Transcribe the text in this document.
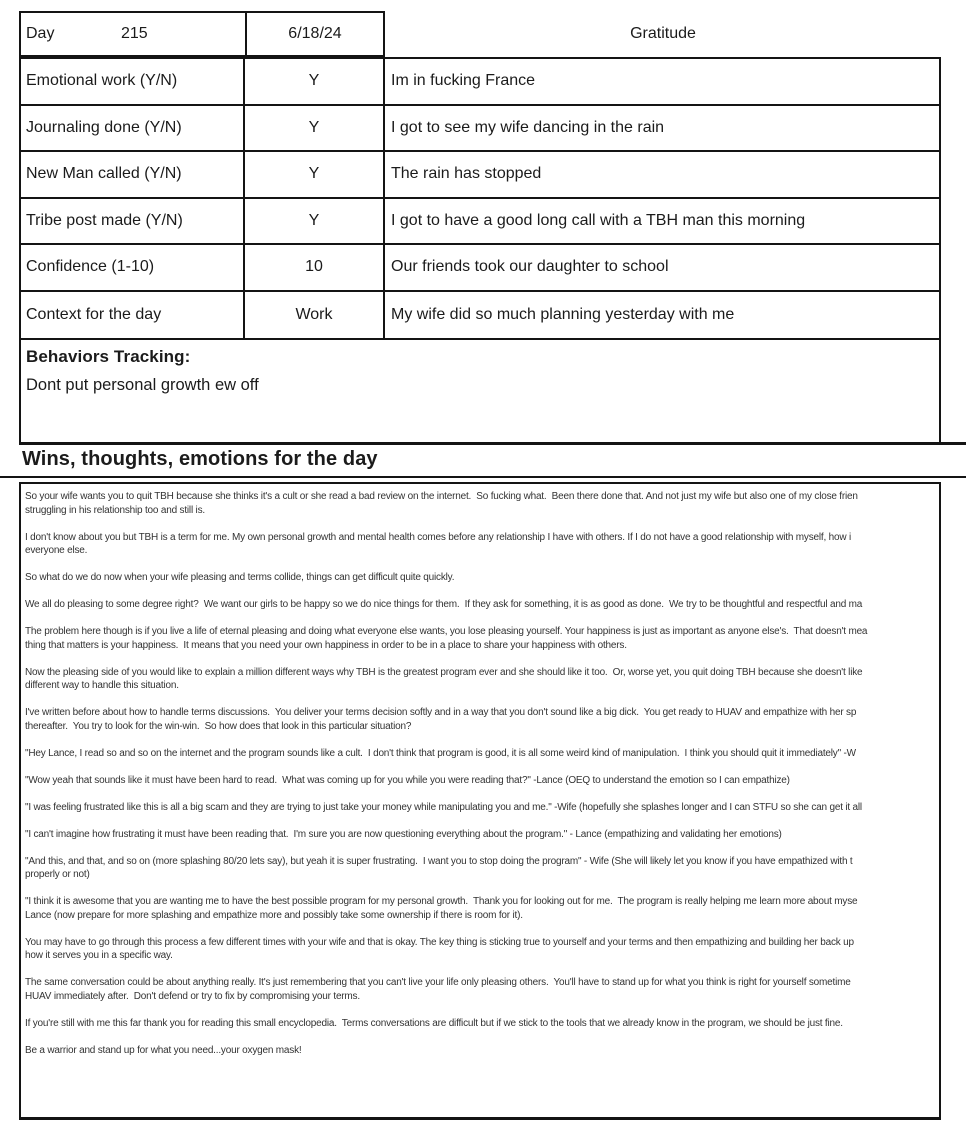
Day	215	6/18/24	Gratitude
Emotional work (Y/N)	Y	Im in fucking France
Journaling done (Y/N)	Y	I got to see my wife dancing in the rain
New Man called (Y/N)	Y	The rain has stopped
Tribe post made (Y/N)	Y	I got to have a good long call with a TBH man this morning
Confidence (1-10)	10	Our friends took our daughter to school
Context for the day	Work	My wife did so much planning yesterday with me
Behaviors Tracking:
Dont put personal growth ew off
Wins, thoughts, emotions for the day
So your wife wants you to quit TBH because she thinks it's a cult or she read a bad review on the internet.  So fucking what.  Been there done that. And not just my wife but also one of my close frien
struggling in his relationship too and still is.
I don't know about you but TBH is a term for me. My own personal growth and mental health comes before any relationship I have with others. If I do not have a good relationship with myself, how i
everyone else.
So what do we do now when your wife pleasing and terms collide, things can get difficult quite quickly.
We all do pleasing to some degree right?  We want our girls to be happy so we do nice things for them.  If they ask for something, it is as good as done.  We try to be thoughtful and respectful and ma
The problem here though is if you live a life of eternal pleasing and doing what everyone else wants, you lose pleasing yourself. Your happiness is just as important as anyone else's.  That doesn't mea
thing that matters is your happiness.  It means that you need your own happiness in order to be in a place to share your happiness with others.
Now the pleasing side of you would like to explain a million different ways why TBH is the greatest program ever and she should like it too.  Or, worse yet, you quit doing TBH because she doesn't like
different way to handle this situation.
I've written before about how to handle terms discussions.  You deliver your terms decision softly and in a way that you don't sound like a big dick.  You get ready to HUAV and empathize with her sp
thereafter.  You try to look for the win-win.  So how does that look in this particular situation?
"Hey Lance, I read so and so on the internet and the program sounds like a cult.  I don't think that program is good, it is all some weird kind of manipulation.  I think you should quit it immediately" -W
"Wow yeah that sounds like it must have been hard to read.  What was coming up for you while you were reading that?" -Lance (OEQ to understand the emotion so I can empathize)
"I was feeling frustrated like this is all a big scam and they are trying to just take your money while manipulating you and me." -Wife (hopefully she splashes longer and I can STFU so she can get it all
"I can't imagine how frustrating it must have been reading that.  I'm sure you are now questioning everything about the program." - Lance (empathizing and validating her emotions)
"And this, and that, and so on (more splashing 80/20 lets say), but yeah it is super frustrating.  I want you to stop doing the program" - Wife (She will likely let you know if you have empathized with t
properly or not)
"I think it is awesome that you are wanting me to have the best possible program for my personal growth.  Thank you for looking out for me.  The program is really helping me learn more about myse
Lance (now prepare for more splashing and empathize more and possibly take some ownership if there is room for it).
You may have to go through this process a few different times with your wife and that is okay. The key thing is sticking true to yourself and your terms and then empathizing and building her back up
how it serves you in a specific way.
The same conversation could be about anything really. It's just remembering that you can't live your life only pleasing others.  You'll have to stand up for what you think is right for yourself sometime
HUAV immediately after.  Don't defend or try to fix by compromising your terms.
If you're still with me this far thank you for reading this small encyclopedia.  Terms conversations are difficult but if we stick to the tools that we already know in the program, we should be just fine.
Be a warrior and stand up for what you need...your oxygen mask!
